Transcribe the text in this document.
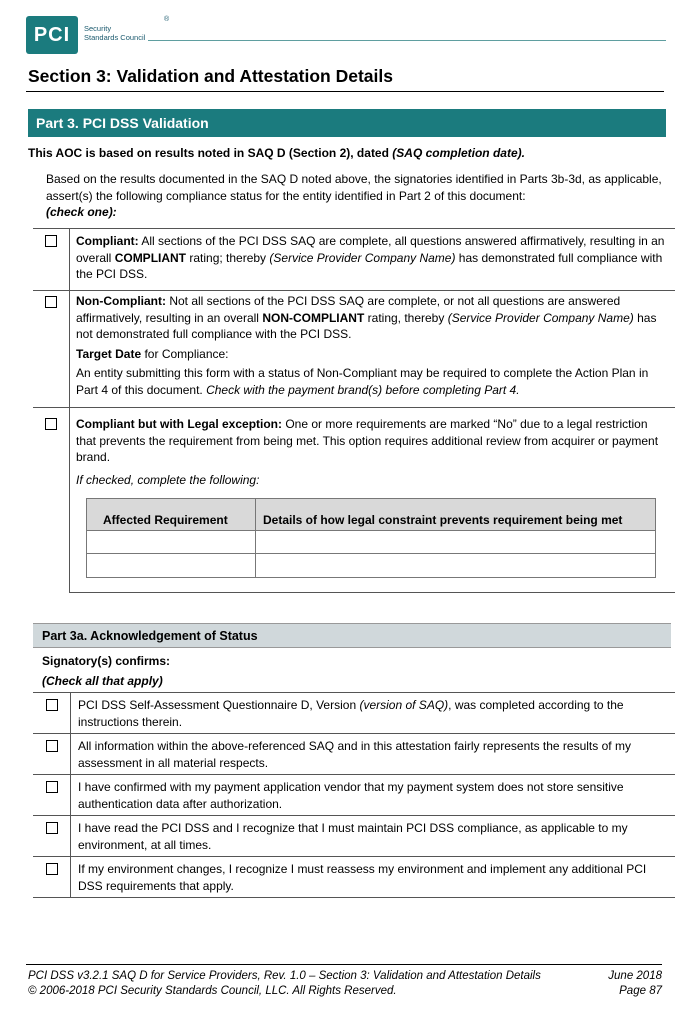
PCI	Security
Standards Council
®
Section 3: Validation and Attestation Details
Part 3. PCI DSS Validation
This AOC is based on results noted in SAQ D (Section 2), dated (SAQ completion date).
Based on the results documented in the SAQ D noted above, the signatories identified in Parts 3b-3d, as applicable, assert(s) the following compliance status for the entity identified in Part 2 of this document:
(check one):

Compliant: All sections of the PCI DSS SAQ are complete, all questions answered affirmatively, resulting in an overall COMPLIANT rating; thereby (Service Provider Company Name) has demonstrated full compliance with the PCI DSS.

Non-Compliant: Not all sections of the PCI DSS SAQ are complete, or not all questions are answered affirmatively, resulting in an overall NON-COMPLIANT rating, thereby (Service Provider Company Name) has not demonstrated full compliance with the PCI DSS.

Target Date for Compliance:

An entity submitting this form with a status of Non-Compliant may be required to complete the Action Plan in Part 4 of this document. Check with the payment brand(s) before completing Part 4.

Compliant but with Legal exception: One or more requirements are marked “No” due to a legal restriction that prevents the requirement from being met. This option requires additional review from acquirer or payment brand.

If checked, complete the following:

Affected Requirement	Details of how legal constraint prevents requirement being met
Part 3a. Acknowledgement of Status
Signatory(s) confirms:
(Check all that apply)
PCI DSS Self-Assessment Questionnaire D, Version (version of SAQ), was completed according to the instructions therein.
All information within the above-referenced SAQ and in this attestation fairly represents the results of my assessment in all material respects.
I have confirmed with my payment application vendor that my payment system does not store sensitive authentication data after authorization.
I have read the PCI DSS and I recognize that I must maintain PCI DSS compliance, as applicable to my environment, at all times.
If my environment changes, I recognize I must reassess my environment and implement any additional PCI DSS requirements that apply.
PCI DSS v3.2.1 SAQ D for Service Providers, Rev. 1.0 – Section 3: Validation and Attestation Details
© 2006-2018 PCI Security Standards Council, LLC. All Rights Reserved.
June 2018
Page 87
